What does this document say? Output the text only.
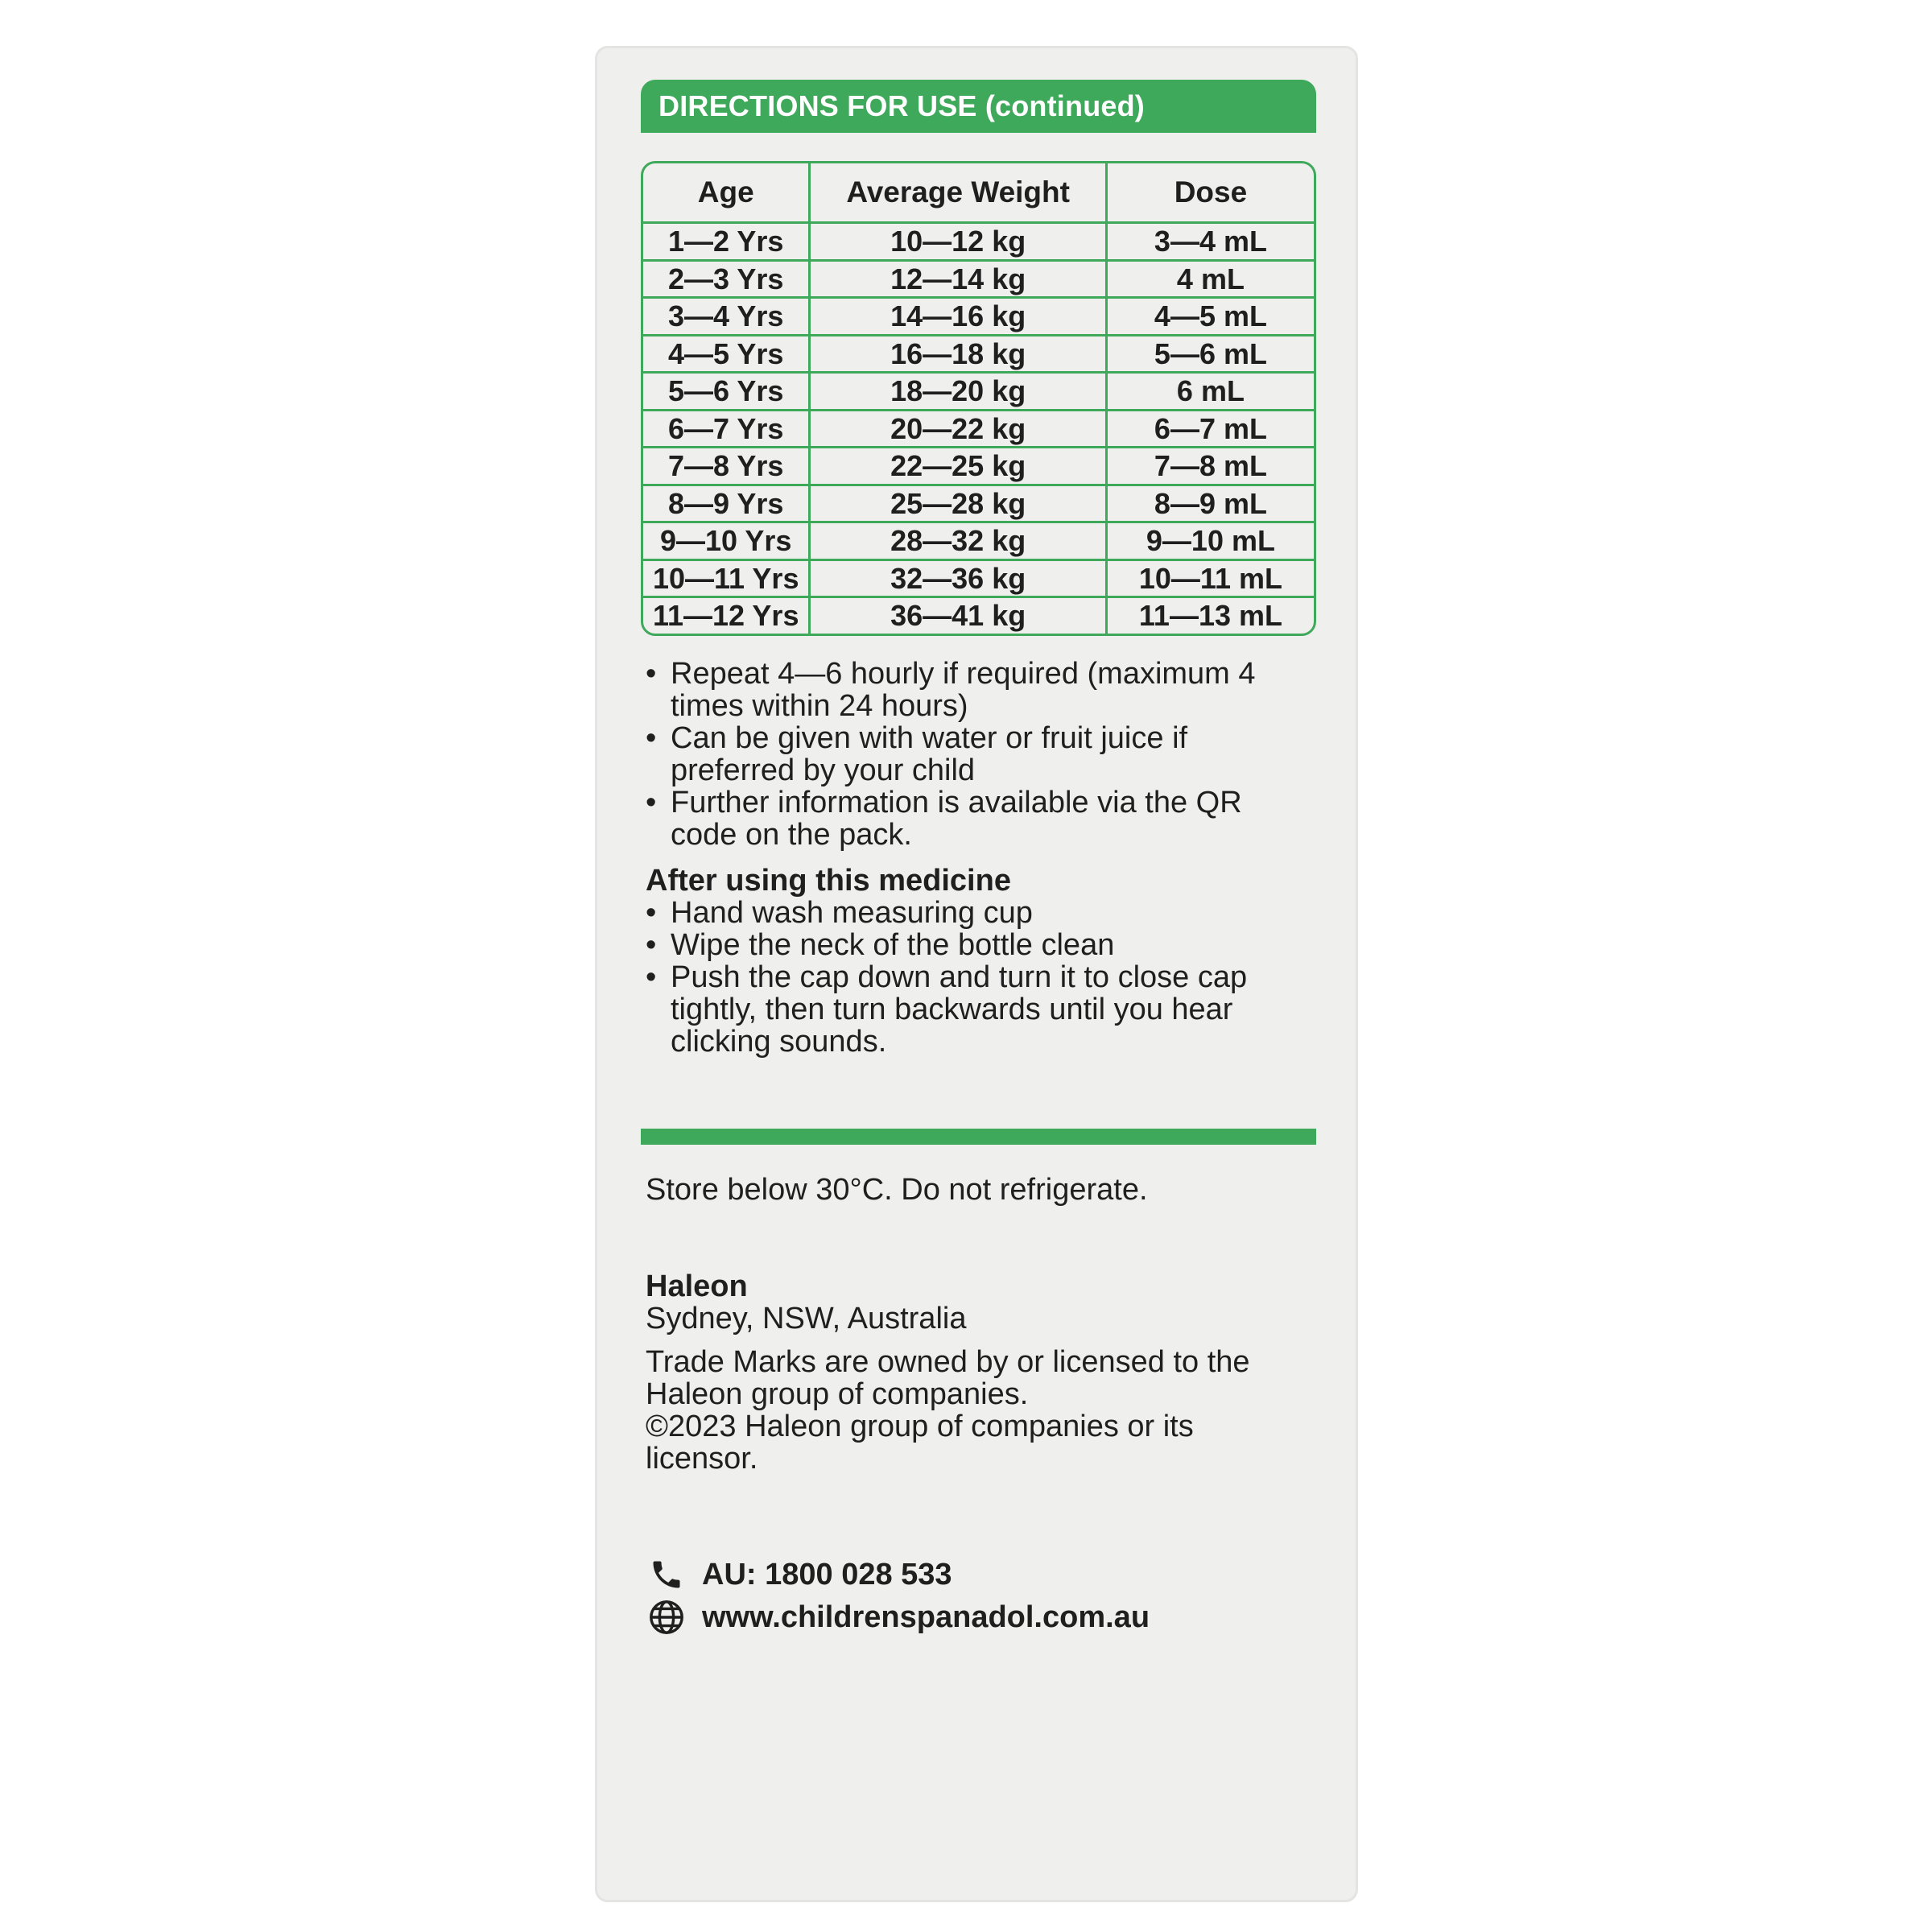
DIRECTIONS FOR USE (continued)
Age	Average Weight	Dose
1—2 Yrs	10—12 kg	3—4 mL
2—3 Yrs	12—14 kg	4 mL
3—4 Yrs	14—16 kg	4—5 mL
4—5 Yrs	16—18 kg	5—6 mL
5—6 Yrs	18—20 kg	6 mL
6—7 Yrs	20—22 kg	6—7 mL
7—8 Yrs	22—25 kg	7—8 mL
8—9 Yrs	25—28 kg	8—9 mL
9—10 Yrs	28—32 kg	9—10 mL
10—11 Yrs	32—36 kg	10—11 mL
11—12 Yrs	36—41 kg	11—13 mL
• Repeat 4—6 hourly if required (maximum 4 times within 24 hours)
• Can be given with water or fruit juice if preferred by your child
• Further information is available via the QR code on the pack.
After using this medicine
• Hand wash measuring cup
• Wipe the neck of the bottle clean
• Push the cap down and turn it to close cap tightly, then turn backwards until you hear clicking sounds.
Store below 30°C. Do not refrigerate.
Haleon
Sydney, NSW, Australia
Trade Marks are owned by or licensed to the Haleon group of companies.
©2023 Haleon group of companies or its licensor.
AU: 1800 028 533
www.childrenspanadol.com.au
